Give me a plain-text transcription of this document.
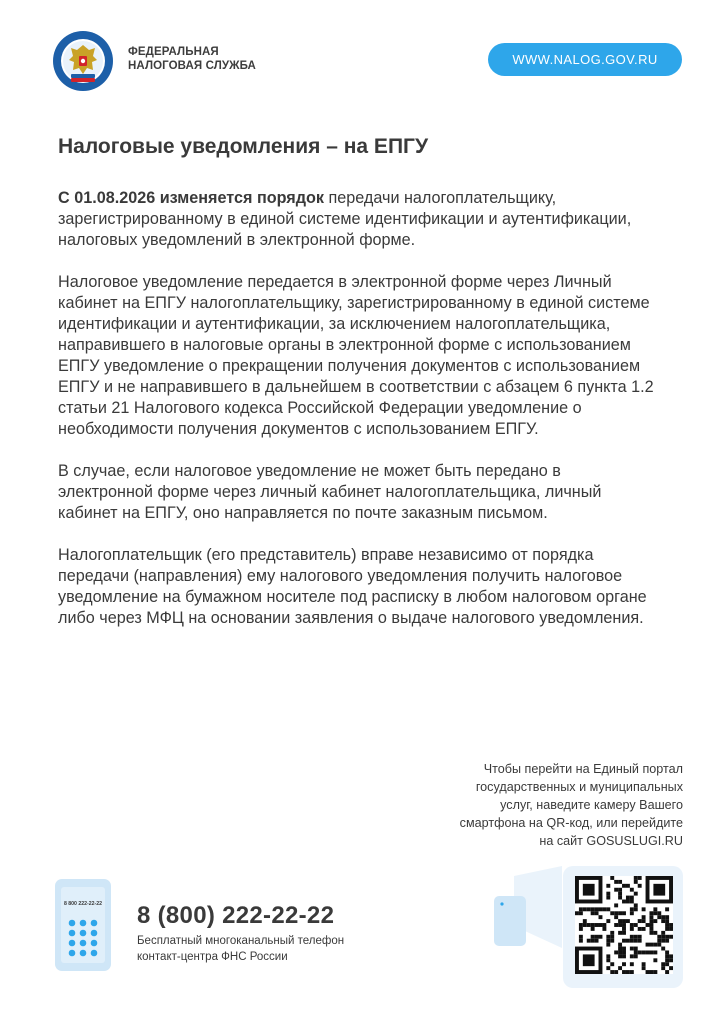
ФЕДЕРАЛЬНАЯ
НАЛОГОВАЯ СЛУЖБА	WWW.NALOG.GOV.RU
Налоговые уведомления – на ЕПГУ

С 01.08.2026 изменяется порядок передачи налогоплательщику, зарегистрированному в единой системе идентификации и аутентификации, налоговых уведомлений в электронной форме.

Налоговое уведомление передается в электронной форме через Личный кабинет на ЕПГУ налогоплательщику, зарегистрированному в единой системе идентификации и аутентификации, за исключением налогоплательщика, направившего в налоговые органы в электронной форме с использованием ЕПГУ уведомление о прекращении получения документов с использованием ЕПГУ и не направившего в дальнейшем в соответствии с абзацем 6 пункта 1.2 статьи 21 Налогового кодекса Российской Федерации уведомление о необходимости получения документов с использованием ЕПГУ.

В случае, если налоговое уведомление не может быть передано в электронной форме через личный кабинет налогоплательщика, личный кабинет на ЕПГУ, оно направляется по почте заказным письмом.

Налогоплательщик (его представитель) вправе независимо от порядка передачи (направления) ему налогового уведомления получить налоговое уведомление на бумажном носителе под расписку в любом налоговом органе либо через МФЦ на основании заявления о выдаче налогового уведомления.

Чтобы перейти на Единый портал
государственных и муниципальных
услуг, наведите камеру Вашего
смартфона на QR-код, или перейдите
на сайт GOSUSLUGI.RU
8 800 222-22-22 8 (800) 222-22-22
Бесплатный многоканальный телефон
контакт-центра ФНС России
